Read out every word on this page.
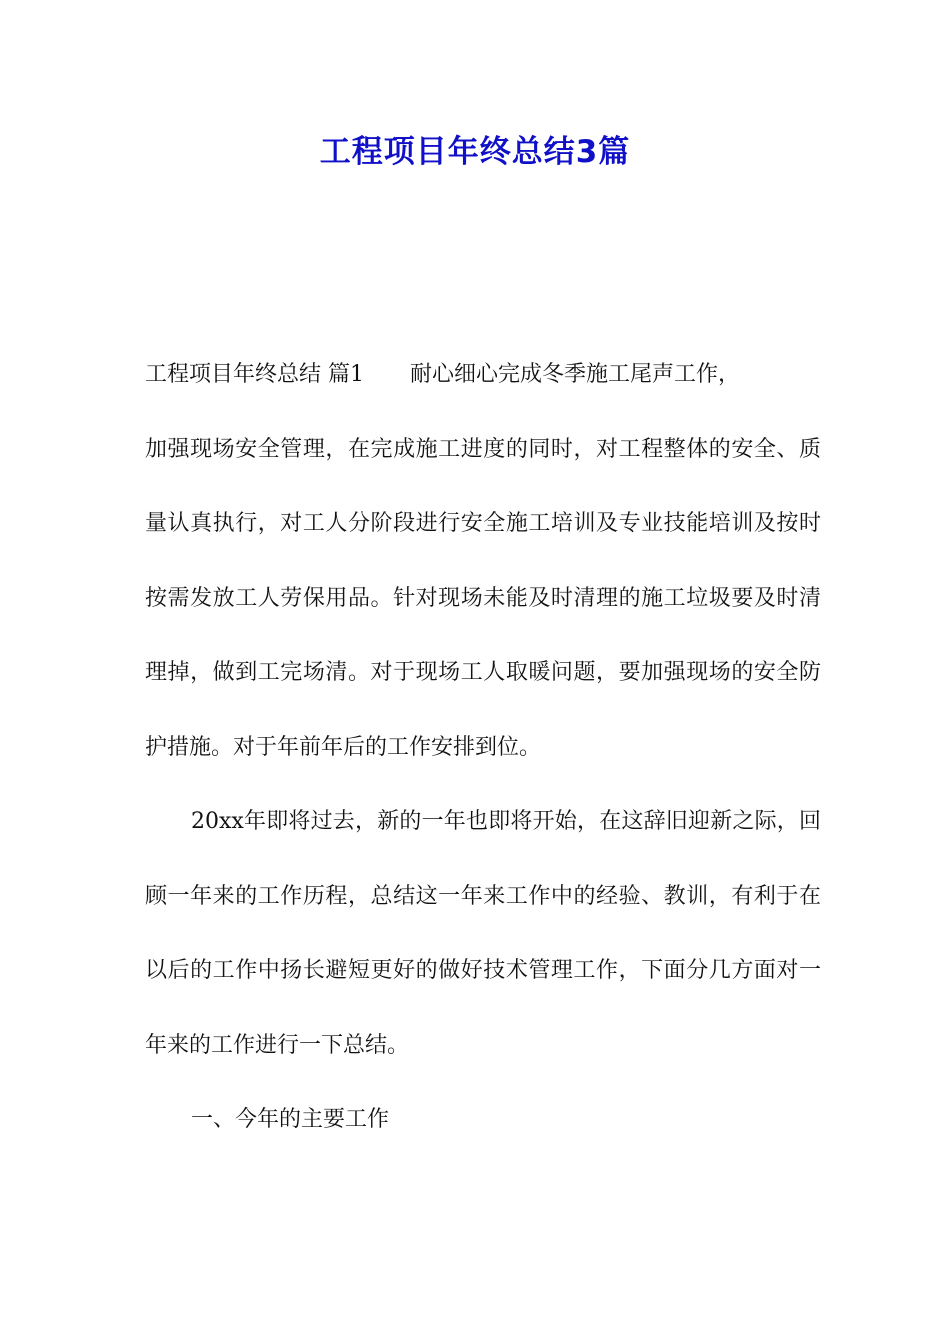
工程项目年终总结3篇

工程项目年终总结 篇1 耐心细心完成冬季施工尾声工作，
加强现场安全管理，在完成施工进度的同时，对工程整体的安全、质量认真执行，对工人分阶段进行安全施工培训及专业技能培训及按时按需发放工人劳保用品。针对现场未能及时清理的施工垃圾要及时清理掉，做到工完场清。对于现场工人取暖问题，要加强现场的安全防护措施。对于年前年后的工作安排到位。

20xx年即将过去，新的一年也即将开始，在这辞旧迎新之际，回顾一年来的工作历程，总结这一年来工作中的经验、教训，有利于在以后的工作中扬长避短更好的做好技术管理工作，下面分几方面对一年来的工作进行一下总结。

一、今年的主要工作
